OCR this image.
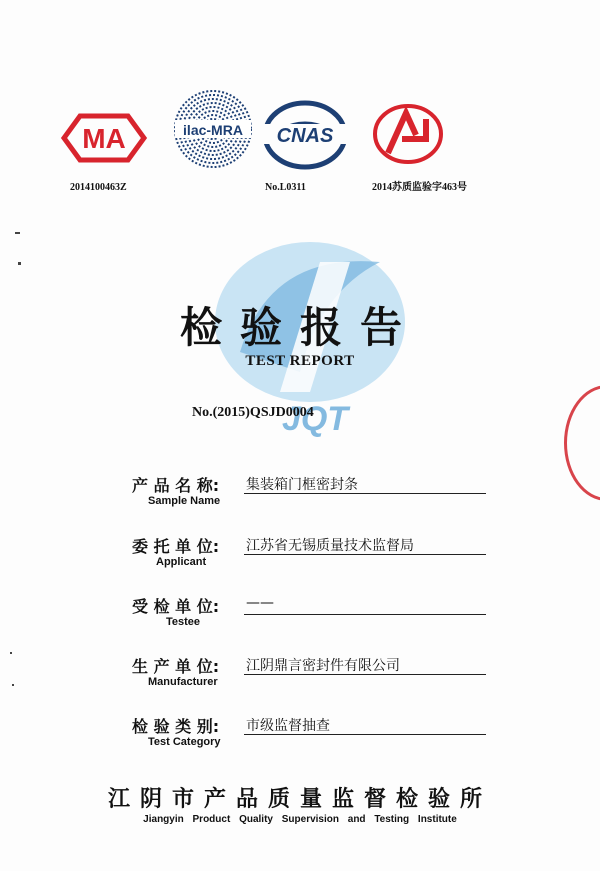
MA
2014100463Z
ilac-MRA CNAS
No.L0311	2014苏质监验字463号
JQT
检验报告
TEST REPORT
No.(2015)QSJD0004
产 品 名 称:
Sample Name
集装箱门框密封条
委 托 单 位:
Applicant
江苏省无锡质量技术监督局
受 检 单 位:
Testee
——
生 产 单 位:
Manufacturer
江阴鼎言密封件有限公司
检 验 类 别:
Test Category
市级监督抽查
江阴市产品质量监督检验所
Jiangyin Product Quality Supervision and Testing Institute
